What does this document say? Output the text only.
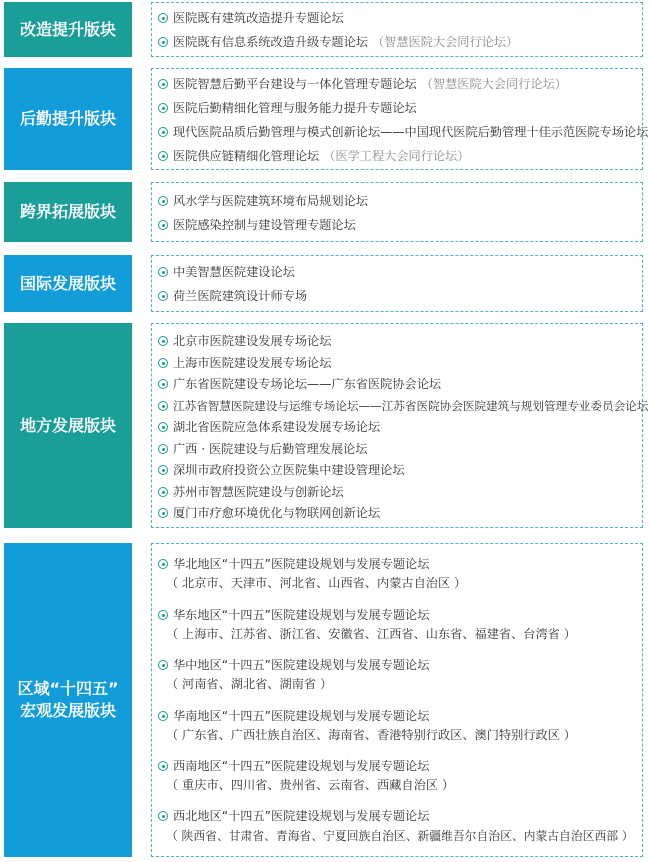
改造提升版块
医院既有建筑改造提升专题论坛
医院既有信息系统改造升级专题论坛 （智慧医院大会同行论坛）
后勤提升版块
医院智慧后勤平台建设与一体化管理专题论坛 （智慧医院大会同行论坛）
医院后勤精细化管理与服务能力提升专题论坛
现代医院品质后勤管理与模式创新论坛——中国现代医院后勤管理十佳示范医院专场论坛
医院供应链精细化管理论坛 （医学工程大会同行论坛）
跨界拓展版块
风水学与医院建筑环境布局规划论坛
医院感染控制与建设管理专题论坛
国际发展版块
中美智慧医院建设论坛
荷兰医院建筑设计师专场
地方发展版块
北京市医院建设发展专场论坛
上海市医院建设发展专场论坛
广东省医院建设专场论坛——广东省医院协会论坛
江苏省智慧医院建设与运维专场论坛——江苏省医院协会医院建筑与规划管理专业委员会论坛
湖北省医院应急体系建设发展专场论坛
广西 · 医院建设与后勤管理发展论坛
深圳市政府投资公立医院集中建设管理论坛
苏州市智慧医院建设与创新论坛
厦门市疗愈环境优化与物联网创新论坛
区域“十四五”
宏观发展版块
华北地区“十四五”医院建设规划与发展专题论坛
（ 北京市、天津市、河北省、山西省、内蒙古自治区 ）
华东地区“十四五”医院建设规划与发展专题论坛
（ 上海市、江苏省、浙江省、安徽省、江西省、山东省、福建省、台湾省 ）
华中地区“十四五”医院建设规划与发展专题论坛
（ 河南省、湖北省、湖南省 ）
华南地区“十四五”医院建设规划与发展专题论坛
（ 广东省、广西壮族自治区、海南省、香港特别行政区、澳门特别行政区 ）
西南地区“十四五”医院建设规划与发展专题论坛
（ 重庆市、四川省、贵州省、云南省、西藏自治区 ）
西北地区“十四五”医院建设规划与发展专题论坛
（ 陕西省、甘肃省、青海省、宁夏回族自治区、新疆维吾尔自治区、内蒙古自治区西部 ）
